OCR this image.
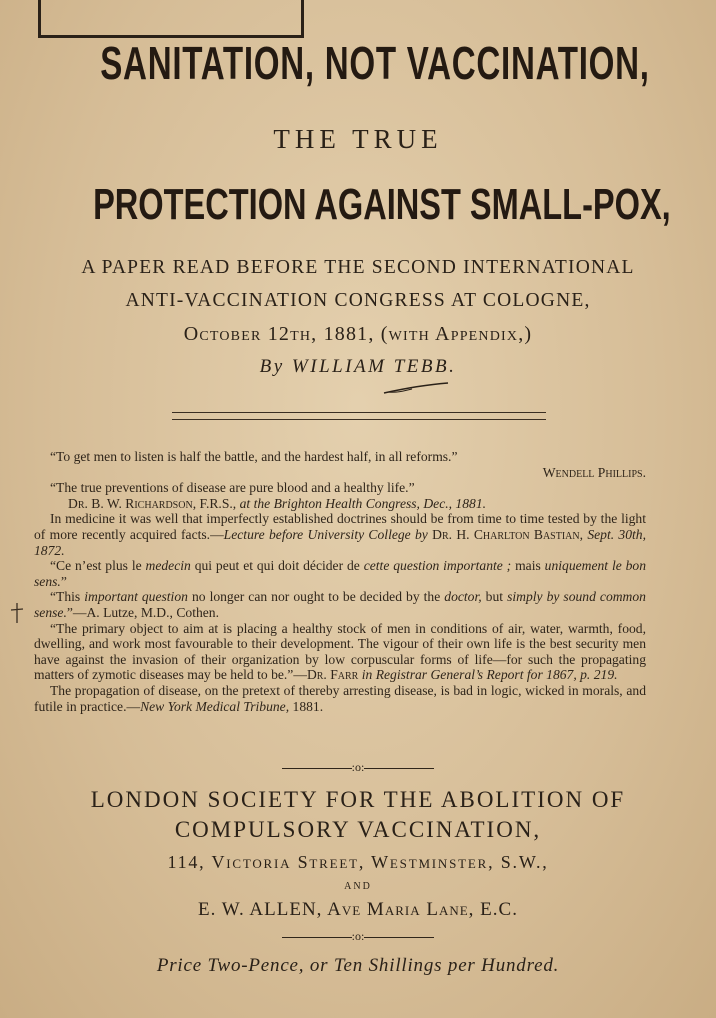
SANITATION, NOT VACCINATION,
THE TRUE
PROTECTION AGAINST SMALL-POX,
A PAPER READ BEFORE THE SECOND INTERNATIONAL
ANTI-VACCINATION CONGRESS AT COLOGNE,
October 12th, 1881, (with Appendix,)
By WILLIAM TEBB.

“To get men to listen is half the battle, and the hardest half, in all reforms.”

Wendell Phillips.

“The true preventions of disease are pure blood and a healthy life.”

Dr. B. W. Richardson, F.R.S., at the Brighton Health Congress, Dec., 1881.

In medicine it was well that imperfectly established doctrines should be from time to time tested by the light of more recently acquired facts.—Lecture before University College by Dr. H. Charlton Bastian, Sept. 30th, 1872.

“Ce n’est plus le medecin qui peut et qui doit décider de cette question importante ; mais uniquement le bon sens.”

“This important question no longer can nor ought to be decided by the doctor, but simply by sound common sense.”—A. Lutze, M.D., Cothen.

“The primary object to aim at is placing a healthy stock of men in conditions of air, water, warmth, food, dwelling, and work most favourable to their development. The vigour of their own life is the best security men have against the invasion of their organization by low corpuscular forms of life—for such the propagating matters of zymotic diseases may be held to be.”—Dr. Farr in Registrar General’s Report for 1867, p. 219.

The propagation of disease, on the pretext of thereby arresting disease, is bad in logic, wicked in morals, and futile in practice.—New York Medical Tribune, 1881.

:o:
LONDON SOCIETY FOR THE ABOLITION OF
COMPULSORY VACCINATION,
114, Victoria Street, Westminster, S.W.,
AND
E. W. ALLEN, Ave Maria Lane, E.C.
:o:
Price Two-Pence, or Ten Shillings per Hundred.
